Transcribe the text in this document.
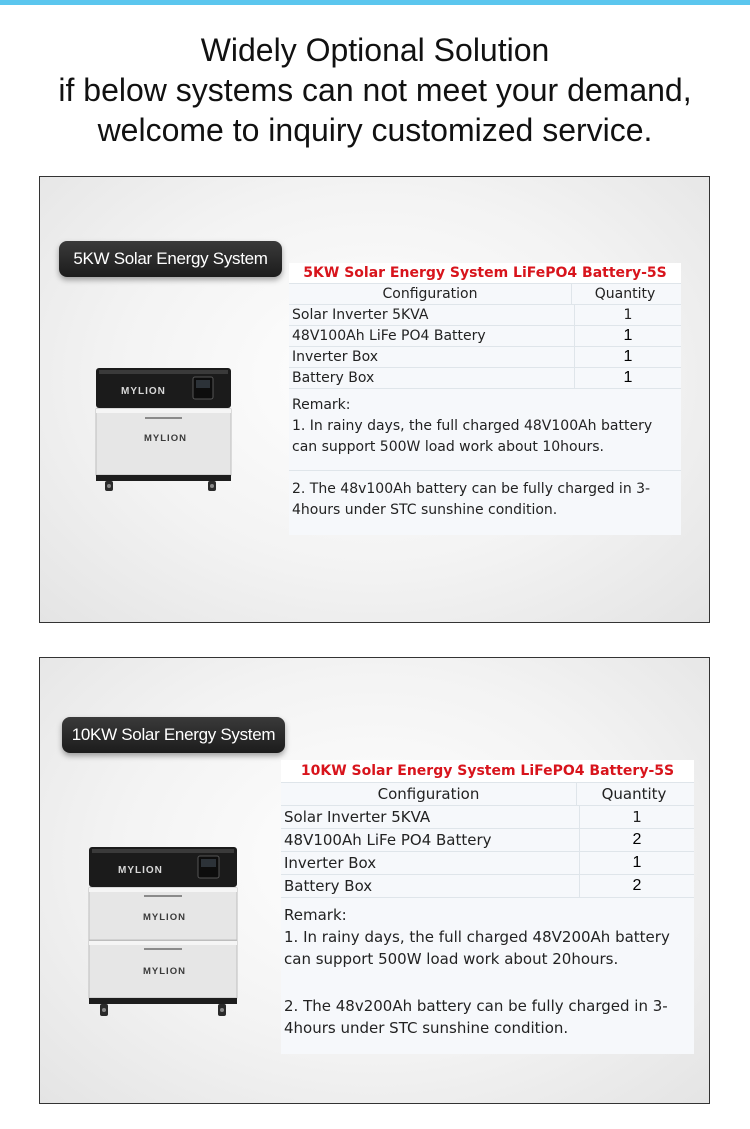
Widely Optional Solution
if below systems can not meet your demand,
welcome to inquiry customized service.
5KW Solar Energy System
MYLION
MYLION
5KW Solar Energy System LiFePO4 Battery-5S
Configuration	Quantity
Solar Inverter 5KVA	1
48V100Ah LiFe PO4 Battery	1
Inverter Box	1
Battery Box	1

Remark:

1. In rainy days, the full charged 48V100Ah battery can support 500W load work about 10hours.

2. The 48v100Ah battery can be fully charged in 3-4hours under STC sunshine condition.

10KW Solar Energy System
MYLION
MYLION
MYLION
10KW Solar Energy System LiFePO4 Battery-5S
Configuration	Quantity
Solar Inverter 5KVA	1
48V100Ah LiFe PO4 Battery	2
Inverter Box	1
Battery Box	2

Remark:

1. In rainy days, the full charged 48V200Ah battery can support 500W load work about 20hours.

2. The 48v200Ah battery can be fully charged in 3-4hours under STC sunshine condition.
